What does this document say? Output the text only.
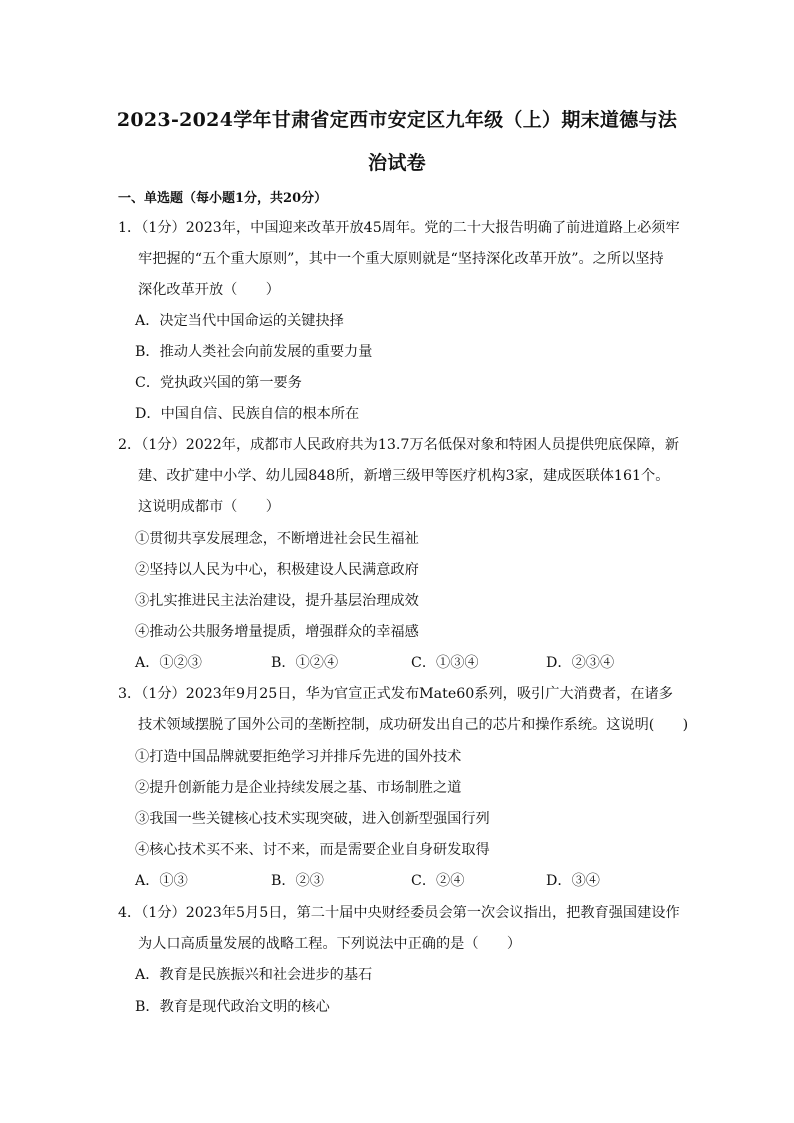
2023-2024学年甘肃省定西市安定区九年级（上）期末道德与法
治试卷
一、单选题（每小题1分，共20分）
1．（1分）2023年，中国迎来改革开放45周年。党的二十大报告明确了前进道路上必须牢
牢把握的“五个重大原则”，其中一个重大原则就是“坚持深化改革开放”。之所以坚持
深化改革开放（　　）
A．决定当代中国命运的关键抉择
B．推动人类社会向前发展的重要力量
C．党执政兴国的第一要务
D．中国自信、民族自信的根本所在
2．（1分）2022年，成都市人民政府共为13.7万名低保对象和特困人员提供兜底保障，新
建、改扩建中小学、幼儿园848所，新增三级甲等医疗机构3家，建成医联体161个。
这说明成都市（　　）
①贯彻共享发展理念，不断增进社会民生福祉
②坚持以人民为中心，积极建设人民满意政府
③扎实推进民主法治建设，提升基层治理成效
④推动公共服务增量提质，增强群众的幸福感
A．①②③	B．①②④	C．①③④	D．②③④
3．（1分）2023年9月25日，华为官宣正式发布Mate60系列，吸引广大消费者，在诸多
技术领域摆脱了国外公司的垄断控制，成功研发出自己的芯片和操作系统。这说明(　　)
①打造中国品牌就要拒绝学习并排斥先进的国外技术
②提升创新能力是企业持续发展之基、市场制胜之道
③我国一些关键核心技术实现突破，进入创新型强国行列
④核心技术买不来、讨不来，而是需要企业自身研发取得
A．①③	B．②③	C．②④	D．③④
4．（1分）2023年5月5日，第二十届中央财经委员会第一次会议指出，把教育强国建设作
为人口高质量发展的战略工程。下列说法中正确的是（　　）
A．教育是民族振兴和社会进步的基石
B．教育是现代政治文明的核心
